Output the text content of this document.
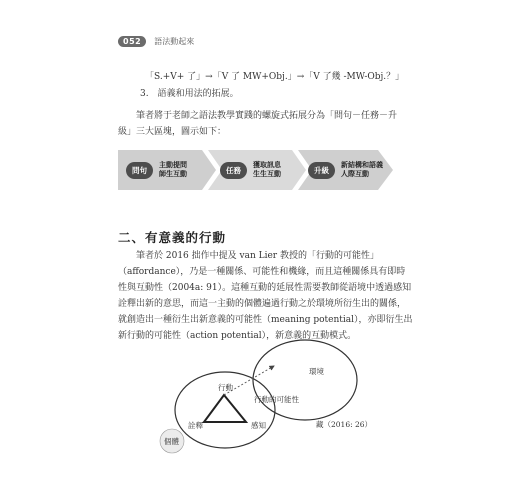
052	語法動起來
「S.+V+ 了」→「V 了 MW+Obj.」→「V 了幾 -MW-Obj.？」
3.　語義和用法的拓展。
筆者將于老師之語法教學實踐的螺旋式拓展分為「問句－任務－升
級」三大區塊，圖示如下：
問句
主動提問
師生互動	任務
獲取訊息
生生互動	升級
新結構和語義
人際互動
二、有意義的行動
筆者於 2016 拙作中提及 van Lier 教授的「行動的可能性」
（affordance），乃是一種關係、可能性和機緣，而且這種關係具有即時
性與互動性（2004a: 91）。這種互動的延展性需要教師從語境中透過感知
詮釋出新的意思，而這一主動的個體遍過行動之於環境所衍生出的關係，
就創造出一種衍生出新意義的可能性（meaning potential），亦即衍生出
新行動的可能性（action potential），新意義的互動模式。
環境
行動
行動的可能性
詮釋	感知
個體
藏（2016: 26）
